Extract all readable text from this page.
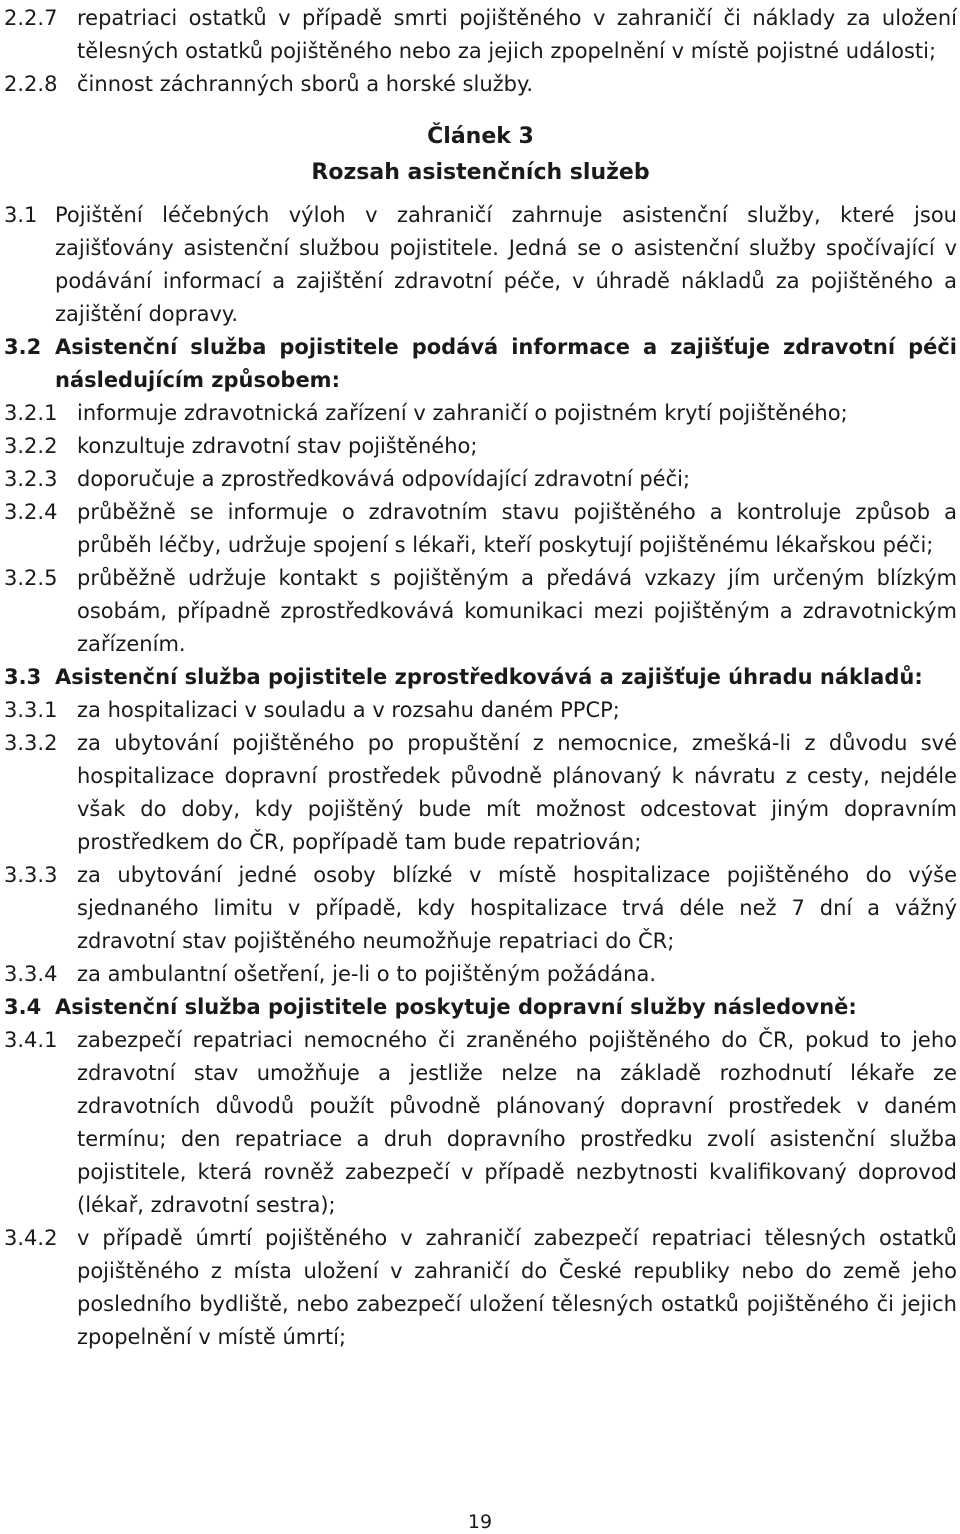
2.2.7 repatriaci ostatků v případě smrti pojištěného v zahraničí či náklady za uložení tělesných ostatků pojištěného nebo za jejich zpopelnění v místě pojistné události;
2.2.8 činnost záchranných sborů a horské služby.
Článek 3
Rozsah asistenčních služeb
3.1 Pojištění léčebných výloh v zahraničí zahrnuje asistenční služby, které jsou zajišťovány asistenční službou pojistitele. Jedná se o asistenční služby spočívající v podávání informací a zajištění zdravotní péče, v úhradě nákladů za pojištěného a zajištění dopravy.
3.2 Asistenční služba pojistitele podává informace a zajišťuje zdravotní péči následujícím způsobem:
3.2.1 informuje zdravotnická zařízení v zahraničí o pojistném krytí pojištěného;
3.2.2 konzultuje zdravotní stav pojištěného;
3.2.3 doporučuje a zprostředkovává odpovídající zdravotní péči;
3.2.4 průběžně se informuje o zdravotním stavu pojištěného a kontroluje způsob a průběh léčby, udržuje spojení s lékaři, kteří poskytují pojištěnému lékařskou péči;
3.2.5 průběžně udržuje kontakt s pojištěným a předává vzkazy jím určeným blízkým osobám, případně zprostředkovává komunikaci mezi pojištěným a zdravotnickým zařízením.
3.3 Asistenční služba pojistitele zprostředkovává a zajišťuje úhradu nákladů:
3.3.1 za hospitalizaci v souladu a v rozsahu daném PPCP;
3.3.2 za ubytování pojištěného po propuštění z nemocnice, zmešká-li z důvodu své hospitalizace dopravní prostředek původně plánovaný k návratu z cesty, nejdéle však do doby, kdy pojištěný bude mít možnost odcestovat jiným dopravním prostředkem do ČR, popřípadě tam bude repatriován;
3.3.3 za ubytování jedné osoby blízké v místě hospitalizace pojištěného do výše sjednaného limitu v případě, kdy hospitalizace trvá déle než 7 dní a vážný zdravotní stav pojištěného neumožňuje repatriaci do ČR;
3.3.4 za ambulantní ošetření, je-li o to pojištěným požádána.
3.4 Asistenční služba pojistitele poskytuje dopravní služby následovně:
3.4.1 zabezpečí repatriaci nemocného či zraněného pojištěného do ČR, pokud to jeho zdravotní stav umožňuje a jestliže nelze na základě rozhodnutí lékaře ze zdravotních důvodů použít původně plánovaný dopravní prostředek v daném termínu; den repatriace a druh dopravního prostředku zvolí asistenční služba pojistitele, která rovněž zabezpečí v případě nezbytnosti kvalifikovaný doprovod (lékař, zdravotní sestra);
3.4.2 v případě úmrtí pojištěného v zahraničí zabezpečí repatriaci tělesných ostatků pojištěného z místa uložení v zahraničí do České republiky nebo do země jeho posledního bydliště, nebo zabezpečí uložení tělesných ostatků pojištěného či jejich zpopelnění v místě úmrtí;
19
